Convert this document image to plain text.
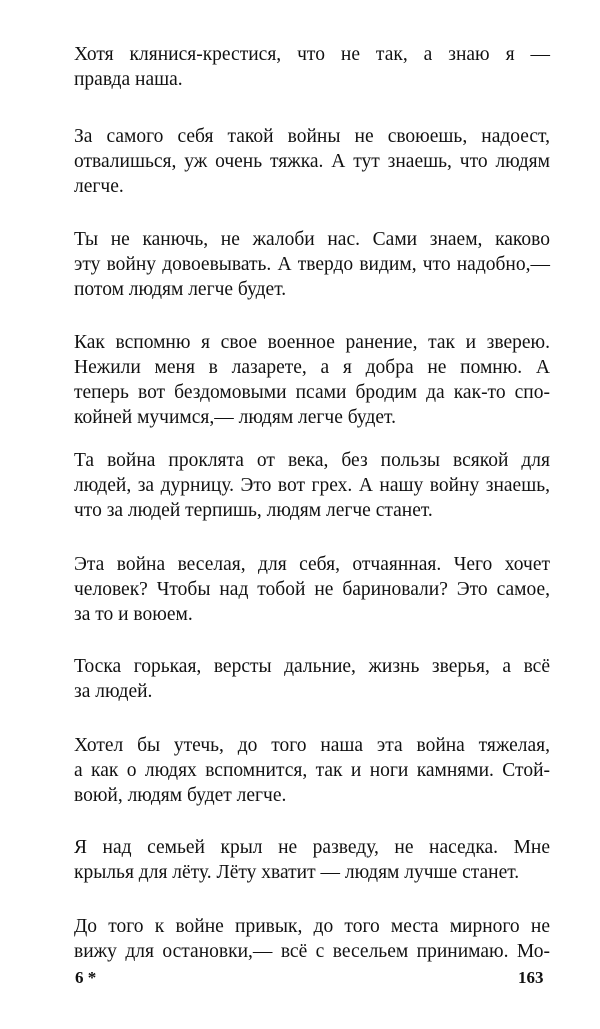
Хотя клянися-крестися, что не так, а знаю я —
правда наша.
За самого себя такой войны не своюешь, надоест,
отвалишься, уж очень тяжка. А тут знаешь, что людям
легче.
Ты не канючь, не жалоби нас. Сами знаем, каково
эту войну довоевывать. А твердо видим, что надобно,—
потом людям легче будет.
Как вспомню я свое военное ранение, так и зверею.
Нежили меня в лазарете, а я добра не помню. А
теперь вот бездомовыми псами бродим да как-то спо-
койней мучимся,— людям легче будет.
Та война проклята от века, без пользы всякой для
людей, за дурницу. Это вот грех. А нашу войну знаешь,
что за людей терпишь, людям легче станет.
Эта война веселая, для себя, отчаянная. Чего хочет
человек? Чтобы над тобой не бариновали? Это самое,
за то и воюем.
Тоска горькая, версты дальние, жизнь зверья, а всё
за людей.
Хотел бы утечь, до того наша эта война тяжелая,
а как о людях вспомнится, так и ноги камнями. Стой-
воюй, людям будет легче.
Я над семьей крыл не разведу, не наседка. Мне
крылья для лёту. Лёту хватит — людям лучше станет.
До того к войне привык, до того места мирного не
вижу для остановки,— всё с весельем принимаю. Мо-
6 *	163
